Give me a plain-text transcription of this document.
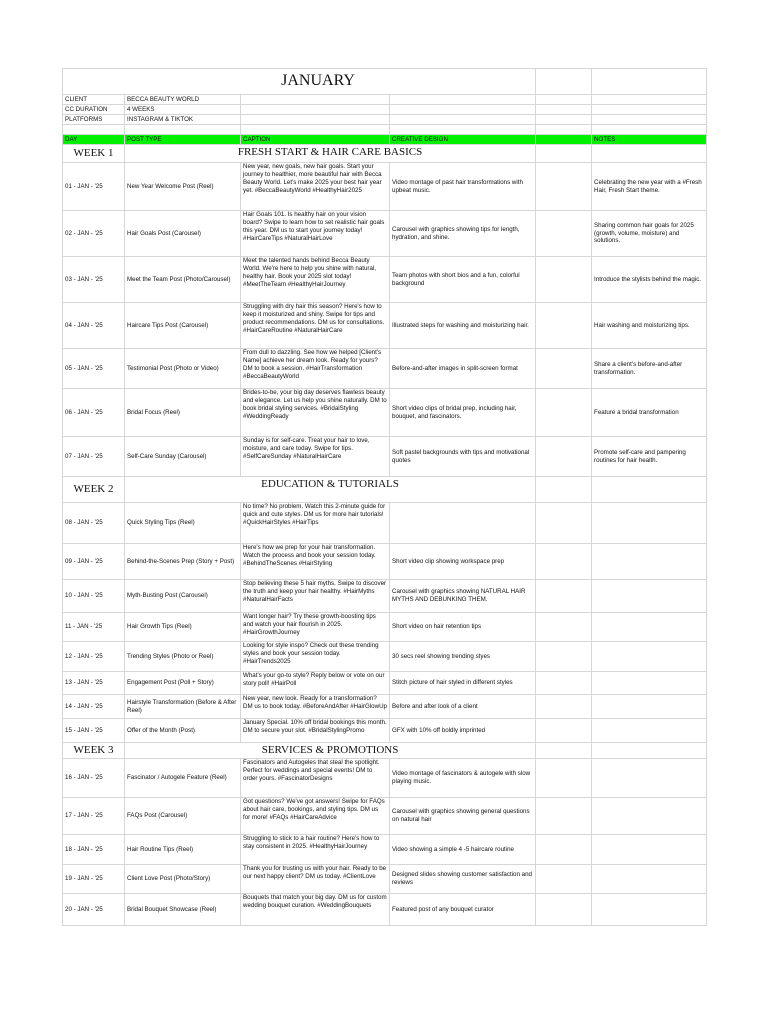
JANUARY					
CLIENT	BECCA BEAUTY WORLD				
CC DURATION	4 WEEKS				
PLATFORMS	INSTAGRAM & TIKTOK				

DAY	POST TYPE	CAPTION	CREATIVE DESIGN		NOTES
WEEK 1	FRESH START & HAIR CARE BASICS				
01 - JAN - '25	New Year Welcome Post (Reel)	New year, new goals, new hair goals. Start your journey to healthier, more beautiful hair with Becca Beauty World. Let's make 2025 your best hair year yet. #BeccaBeautyWorld #HealthyHair2025	Video montage of past hair transformations with upbeat music.		Celebrating the new year with a #Fresh Hair, Fresh Start theme.
02 - JAN - '25	Hair Goals Post (Carousel)	Hair Goals 101. Is healthy hair on your vision board? Swipe to learn how to set realistic hair goals this year. DM us to start your journey today! #HairCareTips #NaturalHairLove	Carousel with graphics showing tips for length, hydration, and shine.		Sharing common hair goals for 2025 (growth, volume, moisture) and solutions.
03 - JAN - '25	Meet the Team Post (Photo/Carousel)	Meet the talented hands behind Becca Beauty World. We're here to help you shine with natural, healthy hair. Book your 2025 slot today! #MeetTheTeam #HealthyHairJourney	Team photos with short bios and a fun, colorful background		Introduce the stylists behind the magic.
04 - JAN - '25	Haircare Tips Post (Carousel)	Struggling with dry hair this season? Here's how to keep it moisturized and shiny. Swipe for tips and product recommendations. DM us for consultations. #HairCareRoutine #NaturalHairCare	Illustrated steps for washing and moisturizing hair.		Hair washing and moisturizing tips.
05 - JAN - '25	Testimonial Post (Photo or Video)	From dull to dazzling. See how we helped [Client's Name] achieve her dream look. Ready for yours? DM to book a session. #HairTransformation #BeccaBeautyWorld	Before-and-after images in split-screen format		Share a client's before-and-after transformation.
06 - JAN - '25	Bridal Focus (Reel)	Brides-to-be, your big day deserves flawless beauty and elegance. Let us help you shine naturally. DM to book bridal styling services. #BridalStyling #WeddingReady	Short video clips of bridal prep, including hair, bouquet, and fascinators.		Feature a bridal transformation
07 - JAN - '25	Self-Care Sunday (Carousel)	Sunday is for self-care. Treat your hair to love, moisture, and care today. Swipe for tips. #SelfCareSunday #NaturalHairCare	Soft pastel backgrounds with tips and motivational quotes		Promote self-care and pampering routines for hair health.
WEEK 2	EDUCATION & TUTORIALS				
08 - JAN - '25	Quick Styling Tips (Reel)	No time? No problem. Watch this 2-minute guide for quick and cute styles. DM us for more hair tutorials! #QuickHairStyles #HairTips			
09 - JAN - '25	Behind-the-Scenes Prep (Story + Post)	Here's how we prep for your hair transformation. Watch the process and book your session today. #BehindTheScenes #HairStyling	Short video clip showing workspace prep		
10 - JAN - '25	Myth-Busting Post (Carousel)	Stop believing these 5 hair myths. Swipe to discover the truth and keep your hair healthy. #HairMyths #NaturalHairFacts	Carousel with graphics showing NATURAL HAIR MYTHS AND DEBUNKING THEM.		
11 - JAN - '25	Hair Growth Tips (Reel)	Want longer hair? Try these growth-boosting tips and watch your hair flourish in 2025. #HairGrowthJourney	Short video on hair retention tips		
12 - JAN - '25	Trending Styles (Photo or Reel)	Looking for style inspo? Check out these trending styles and book your session today. #HairTrends2025	30 secs reel showing trending styes		
13 - JAN - '25	Engagement Post (Poll + Story)	What's your go-to style? Reply below or vote on our story poll! #HairPoll	Stitch picture of hair styled in different styles		
14 - JAN - '25	Hairstyle Transformation (Before & After Reel)	New year, new look. Ready for a transformation? DM us to book today. #BeforeAndAfter #HairGlowUp	Before and after look of a client		
15 - JAN - '25	Offer of the Month (Post)	January Special. 10% off bridal bookings this month. DM to secure your slot. #BridalStylingPromo	GFX with 10% off boldly imprinted		
WEEK 3	SERVICES & PROMOTIONS				
16 - JAN - '25	Fascinator / Autogele Feature (Reel)	Fascinators and Autogeles that steal the spotlight. Perfect for weddings and special events! DM to order yours. #FascinatorDesigns	Video montage of fascinators & autogele with slow playing music.		
17 - JAN - '25	FAQs Post (Carousel)	Got questions? We've got answers! Swipe for FAQs about hair care, bookings, and styling tips. DM us for more! #FAQs #HairCareAdvice	Carousel with graphics showing general questions on natural hair		
18 - JAN - '25	Hair Routine Tips (Reel)	Struggling to stick to a hair routine? Here's how to stay consistent in 2025. #HealthyHairJourney	Video showing a simple 4 -5 haircare routine		
19 - JAN - '25	Client Love Post (Photo/Story)	Thank you for trusting us with your hair. Ready to be our next happy client? DM us today. #ClientLove	Designed slides showing customer satisfaction and reviews		
20 - JAN - '25	Bridal Bouquet Showcase (Reel)	Bouquets that match your big day. DM us for custom wedding bouquet curation. #WeddingBouquets	Featured post of any bouquet curator		
